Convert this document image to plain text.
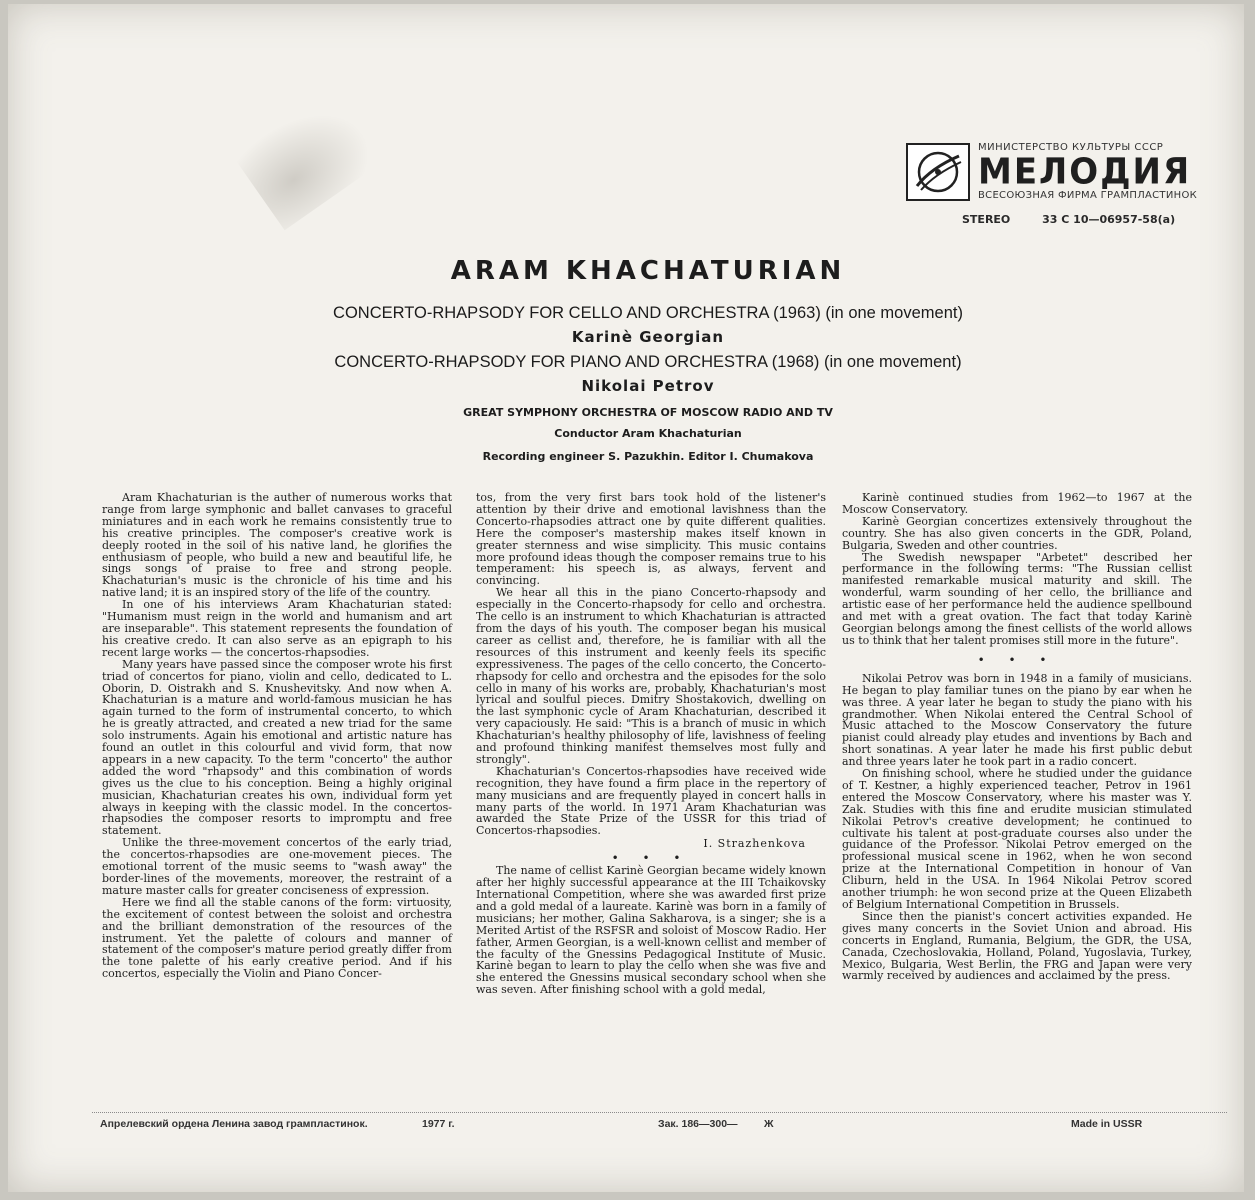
МИНИСТЕРСТВО КУЛЬТУРЫ СССР
МЕЛОДИЯ
ВСЕСОЮЗНАЯ ФИРМА ГРАМПЛАСТИНОК
STEREO	33 С 10—06957-58(а)
ARAM KHACHATURIAN
CONCERTO-RHAPSODY FOR CELLO AND ORCHESTRA (1963) (in one movement)
Karinè Georgian
CONCERTO-RHAPSODY FOR PIANO AND ORCHESTRA (1968) (in one movement)
Nikolai Petrov
GREAT SYMPHONY ORCHESTRA OF MOSCOW RADIO AND TV
Conductor Aram Khachaturian
Recording engineer S. Pazukhin. Editor I. Chumakova

Aram Khachaturian is the auther of numerous works that range from large symphonic and ballet canvases to graceful miniatures and in each work he remains consistently true to his creative principles. The composer's creative work is deeply rooted in the soil of his native land, he glorifies the enthusiasm of people, who build a new and beautiful life, he sings songs of praise to free and strong people. Khachaturian's music is the chronicle of his time and his native land; it is an inspired story of the life of the country.

In one of his interviews Aram Khachaturian stated: "Humanism must reign in the world and humanism and art are inseparable". This statement represents the foundation of his creative credo. It can also serve as an epigraph to his recent large works — the concertos-rhapsodies.

Many years have passed since the composer wrote his first triad of concertos for piano, violin and cello, dedicated to L. Oborin, D. Oistrakh and S. Knushevitsky. And now when A. Khachaturian is a mature and world-famous musician he has again turned to the form of instrumental concerto, to which he is greatly attracted, and created a new triad for the same solo instruments. Again his emotional and artistic nature has found an outlet in this colourful and vivid form, that now appears in a new capacity. To the term "concerto" the author added the word "rhapsody" and this combination of words gives us the clue to his conception. Being a highly original musician, Khachaturian creates his own, individual form yet always in keeping with the classic model. In the concertos-rhapsodies the composer resorts to impromptu and free statement.

Unlike the three-movement concertos of the early triad, the concertos-rhapsodies are one-movement pieces. The emotional torrent of the music seems to "wash away" the border-lines of the movements, moreover, the restraint of a mature master calls for greater conciseness of expression.

Here we find all the stable canons of the form: virtuosity, the excitement of contest between the soloist and orchestra and the brilliant demonstration of the resources of the instrument. Yet the palette of colours and manner of statement of the composer's mature period greatly differ from the tone palette of his early creative period. And if his concertos, especially the Violin and Piano Concer-

tos, from the very first bars took hold of the listener's attention by their drive and emotional lavishness than the Concerto-rhapsodies attract one by quite different qualities. Here the composer's mastership makes itself known in greater sternness and wise simplicity. This music contains more profound ideas though the composer remains true to his temperament: his speech is, as always, fervent and convincing.

We hear all this in the piano Concerto-rhapsody and especially in the Concerto-rhapsody for cello and orchestra. The cello is an instrument to which Khachaturian is attracted from the days of his youth. The composer began his musical career as cellist and, therefore, he is familiar with all the resources of this instrument and keenly feels its specific expressiveness. The pages of the cello concerto, the Concerto-rhapsody for cello and orchestra and the episodes for the solo cello in many of his works are, probably, Khachaturian's most lyrical and soulful pieces. Dmitry Shostakovich, dwelling on the last symphonic cycle of Aram Khachaturian, described it very capaciously. He said: "This is a branch of music in which Khachaturian's healthy philosophy of life, lavishness of feeling and profound thinking manifest themselves most fully and strongly".

Khachaturian's Concertos-rhapsodies have received wide recognition, they have found a firm place in the repertory of many musicians and are frequently played in concert halls in many parts of the world. In 1971 Aram Khachaturian was awarded the State Prize of the USSR for this triad of Concertos-rhapsodies.

I. Strazhenkova
• • •

The name of cellist Karinè Georgian became widely known after her highly successful appearance at the III Tchaikovsky International Competition, where she was awarded first prize and a gold medal of a laureate. Karinè was born in a family of musicians; her mother, Galina Sakharova, is a singer; she is a Merited Artist of the RSFSR and soloist of Moscow Radio. Her father, Armen Georgian, is a well-known cellist and member of the faculty of the Gnessins Pedagogical Institute of Music. Karinè began to learn to play the cello when she was five and she entered the Gnessins musical secondary school when she was seven. After finishing school with a gold medal,

Karinè continued studies from 1962—to 1967 at the Moscow Conservatory.

Karinè Georgian concertizes extensively throughout the country. She has also given concerts in the GDR, Poland, Bulgaria, Sweden and other countries.

The Swedish newspaper "Arbetet" described her performance in the following terms: "The Russian cellist manifested remarkable musical maturity and skill. The wonderful, warm sounding of her cello, the brilliance and artistic ease of her performance held the audience spellbound and met with a great ovation. The fact that today Karinè Georgian belongs among the finest cellists of the world allows us to think that her talent promises still more in the future".

• • •

Nikolai Petrov was born in 1948 in a family of musicians. He began to play familiar tunes on the piano by ear when he was three. A year later he began to study the piano with his grandmother. When Nikolai entered the Central School of Music attached to the Moscow Conservatory the future pianist could already play etudes and inventions by Bach and short sonatinas. A year later he made his first public debut and three years later he took part in a radio concert.

On finishing school, where he studied under the guidance of T. Kestner, a highly experienced teacher, Petrov in 1961 entered the Moscow Conservatory, where his master was Y. Zak. Studies with this fine and erudite musician stimulated Nikolai Petrov's creative development; he continued to cultivate his talent at post-graduate courses also under the guidance of the Professor. Nikolai Petrov emerged on the professional musical scene in 1962, when he won second prize at the International Competition in honour of Van Cliburn, held in the USA. In 1964 Nikolai Petrov scored another triumph: he won second prize at the Queen Elizabeth of Belgium International Competition in Brussels.

Since then the pianist's concert activities expanded. He gives many concerts in the Soviet Union and abroad. His concerts in England, Rumania, Belgium, the GDR, the USA, Canada, Czechoslovakia, Holland, Poland, Yugoslavia, Turkey, Mexico, Bulgaria, West Berlin, the FRG and Japan were very warmly received by audiences and acclaimed by the press.

Апрелевский ордена Ленина завод грампластинок.	1977 г.	Зак. 186—300—	Ж	Made in USSR
